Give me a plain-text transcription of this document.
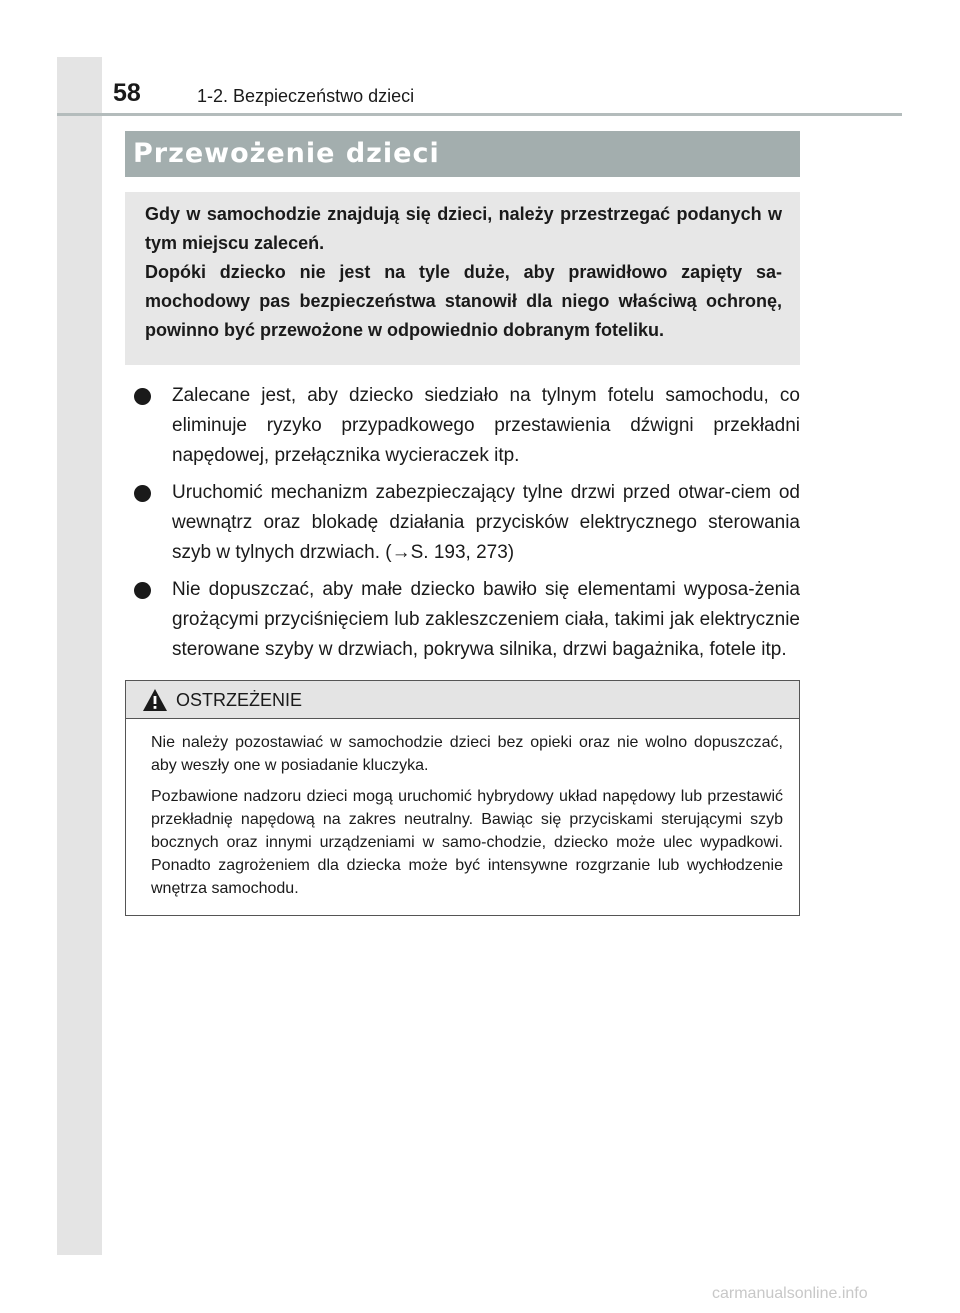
58	1-2. Bezpieczeństwo dzieci
Przewożenie dzieci

Gdy w samochodzie znajdują się dzieci, należy przestrzegać podanych w tym miejscu zaleceń.

Dopóki dziecko nie jest na tyle duże, aby prawidłowo zapięty sa-mochodowy pas bezpieczeństwa stanowił dla niego właściwą ochronę, powinno być przewożone w odpowiednio dobranym foteliku.

Zalecane jest, aby dziecko siedziało na tylnym fotelu samochodu, co eliminuje ryzyko przypadkowego przestawienia dźwigni przekładni napędowej, przełącznika wycieraczek itp.
Uruchomić mechanizm zabezpieczający tylne drzwi przed otwar-ciem od wewnątrz oraz blokadę działania przycisków elektrycznego sterowania szyb w tylnych drzwiach. (→S. 193, 273)
Nie dopuszczać, aby małe dziecko bawiło się elementami wyposa-żenia grożącymi przyciśnięciem lub zakleszczeniem ciała, takimi jak elektrycznie sterowane szyby w drzwiach, pokrywa silnika, drzwi bagażnika, fotele itp.
OSTRZEŻENIE

Nie należy pozostawiać w samochodzie dzieci bez opieki oraz nie wolno dopuszczać, aby weszły one w posiadanie kluczyka.

Pozbawione nadzoru dzieci mogą uruchomić hybrydowy układ napędowy lub przestawić przekładnię napędową na zakres neutralny. Bawiąc się przyciskami sterującymi szyb bocznych oraz innymi urządzeniami w samo-chodzie, dziecko może ulec wypadkowi. Ponadto zagrożeniem dla dziecka może być intensywne rozgrzanie lub wychłodzenie wnętrza samochodu.

carmanualsonline.info
